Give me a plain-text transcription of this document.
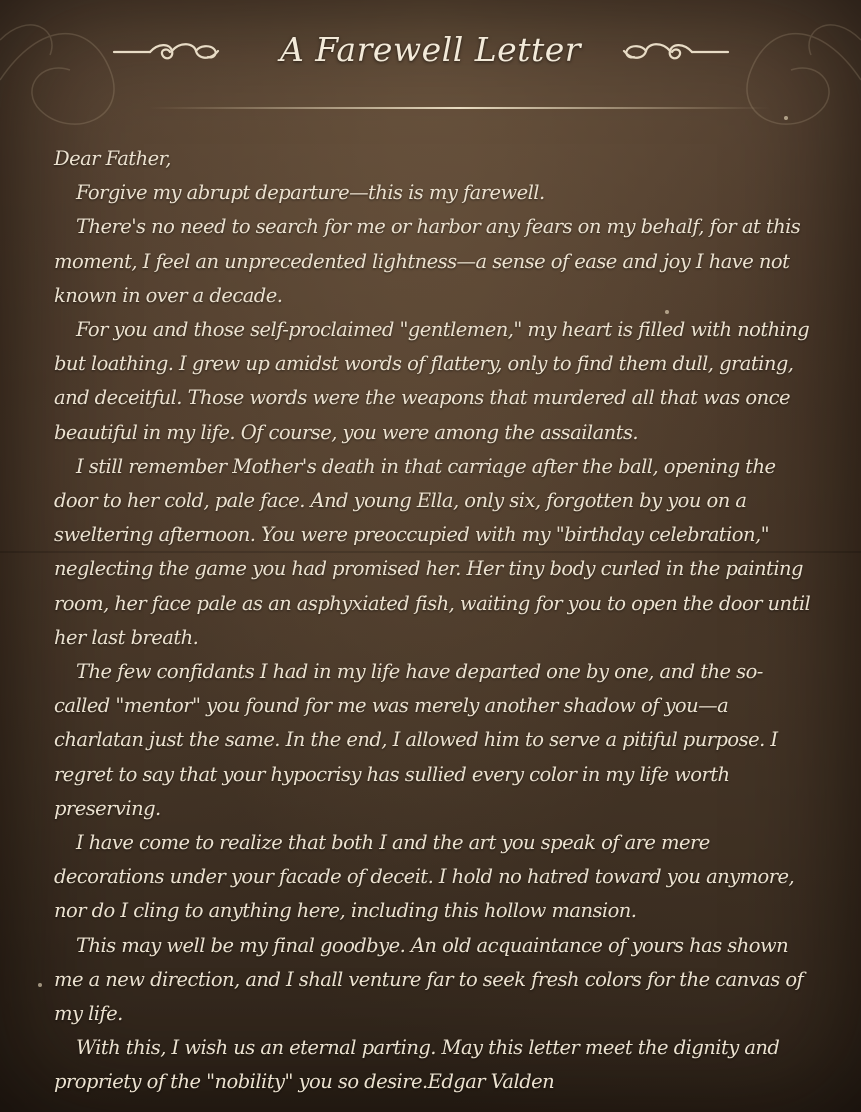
A Farewell Letter

Dear Father,

Forgive my abrupt departure—this is my farewell.

There's no need to search for me or harbor any fears on my behalf, for at this moment, I feel an unprecedented lightness—a sense of ease and joy I have not known in over a decade.

For you and those self-proclaimed "gentlemen," my heart is filled with nothing but loathing. I grew up amidst words of flattery, only to find them dull, grating, and deceitful. Those words were the weapons that murdered all that was once beautiful in my life. Of course, you were among the assailants.

I still remember Mother's death in that carriage after the ball, opening the door to her cold, pale face. And young Ella, only six, forgotten by you on a sweltering afternoon. You were preoccupied with my "birthday celebration," neglecting the game you had promised her. Her tiny body curled in the painting room, her face pale as an asphyxiated fish, waiting for you to open the door until her last breath.

The few confidants I had in my life have departed one by one, and the so-called "mentor" you found for me was merely another shadow of you—a charlatan just the same. In the end, I allowed him to serve a pitiful purpose. I regret to say that your hypocrisy has sullied every color in my life worth preserving.

I have come to realize that both I and the art you speak of are mere decorations under your facade of deceit. I hold no hatred toward you anymore, nor do I cling to anything here, including this hollow mansion.

This may well be my final goodbye. An old acquaintance of yours has shown me a new direction, and I shall venture far to seek fresh colors for the canvas of my life.

With this, I wish us an eternal parting. May this letter meet the dignity and propriety of the "nobility" you so desire.Edgar Valden
